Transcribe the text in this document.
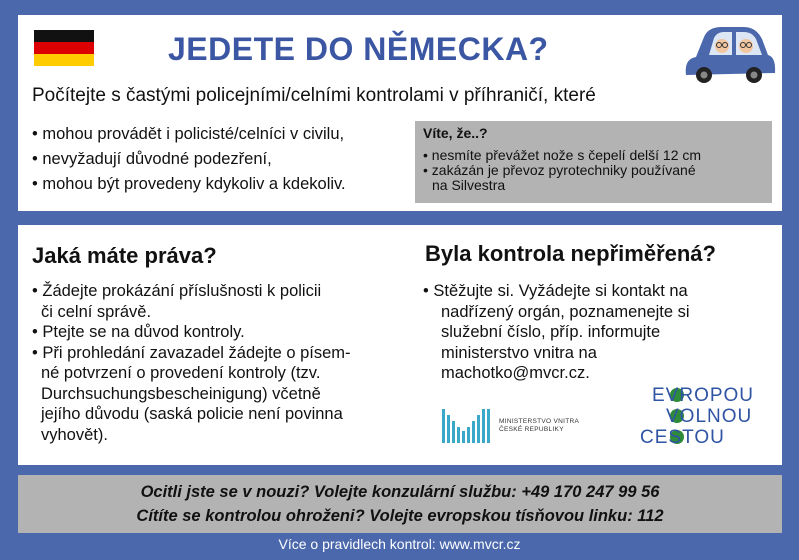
JEDETE DO NĚMECKA?
Počítejte s častými policejními/celními kontrolami v příhraničí, které
• mohou provádět i policisté/celníci v civilu,
• nevyžadují důvodné podezření,
• mohou být provedeny kdykoliv a kdekoliv.
Víte, že..?
• nesmíte převážet nože s čepelí delší 12 cm
• zakázán je převoz pyrotechniky používané
na Silvestra
Jaká máte práva?
• Žádejte prokázání příslušnosti k policii
či celní správě.
• Ptejte se na důvod kontroly.
• Při prohledání zavazadel žádejte o písem-
né potvrzení o provedení kontroly (tzv.
Durchsuchungsbescheinigung) včetně
jejího důvodu (saská policie není povinna
vyhovět).
Byla kontrola nepřiměřená?
• Stěžujte si. Vyžádejte si kontakt na
nadřízený orgán, poznamenejte si
služební číslo, příp. informujte
ministerstvo vnitra na
machotko@mvcr.cz.
MINISTERSTVO VNITRA
ČESKÉ REPUBLIKY
EVROPOU
VOLNOU
CESTOU
Ocitli jste se v nouzi? Volejte konzulární službu: +49 170 247 99 56
Cítíte se kontrolou ohroženi? Volejte evropskou tísňovou linku: 112
Více o pravidlech kontrol: www.mvcr.cz
